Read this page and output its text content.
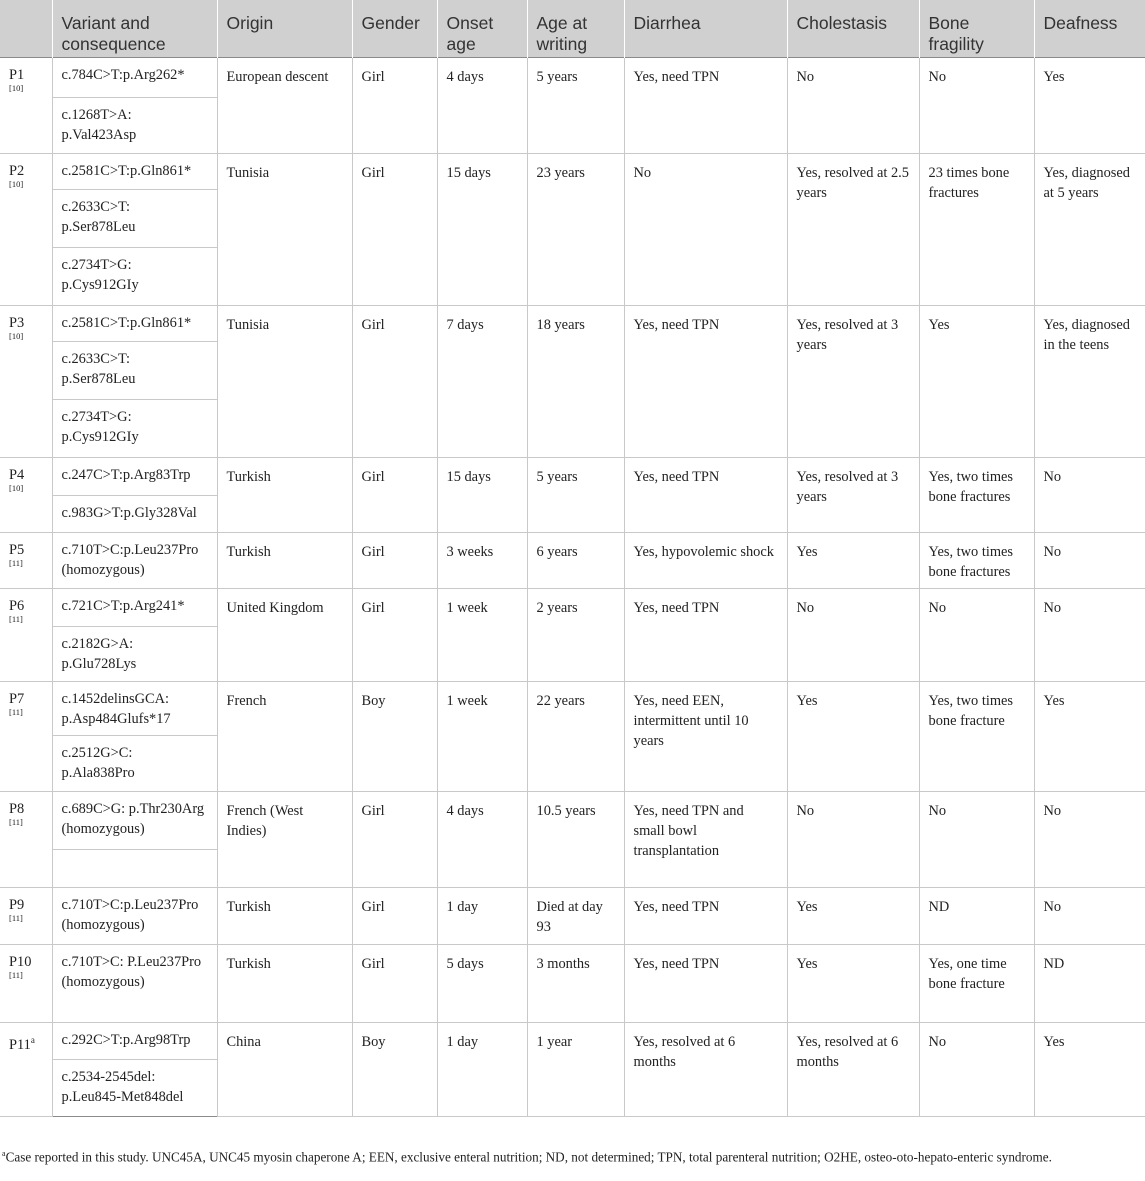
	Variant and consequence	Origin	Gender	Onset age	Age at writing	Diarrhea	Cholestasis	Bone fragility	Deafness

P1
[10]	c.784C>T:p.Arg262*	European descent	Girl	4 days	5 years	Yes, need TPN	No	No	Yes
	c.1268T>A: p.Val423Asp								

P2
[10]	c.2581C>T:p.Gln861*	Tunisia	Girl	15 days	23 years	No	Yes, resolved at 2.5 years	23 times bone fractures	Yes, diagnosed at 5 years
	c.2633C>T: p.Ser878Leu								
	c.2734T>G: p.Cys912GIy								

P3
[10]	c.2581C>T:p.Gln861*	Tunisia	Girl	7 days	18 years	Yes, need TPN	Yes, resolved at 3 years	Yes	Yes, diagnosed in the teens
	c.2633C>T: p.Ser878Leu								
	c.2734T>G: p.Cys912GIy								

P4
[10]	c.247C>T:p.Arg83Trp	Turkish	Girl	15 days	5 years	Yes, need TPN	Yes, resolved at 3 years	Yes, two times bone fractures	No
	c.983G>T:p.Gly328Val								

P5
[11]	c.710T>C:p.Leu237Pro (homozygous)	Turkish	Girl	3 weeks	6 years	Yes, hypovolemic shock	Yes	Yes, two times bone fractures	No

P6
[11]	c.721C>T:p.Arg241*	United Kingdom	Girl	1 week	2 years	Yes, need TPN	No	No	No
	c.2182G>A: p.Glu728Lys								

P7
[11]	c.1452delinsGCA: p.Asp484Glufs*17	French	Boy	1 week	22 years	Yes, need EEN, intermittent until 10 years	Yes	Yes, two times bone fracture	Yes
	c.2512G>C: p.Ala838Pro								

P8
[11]	c.689C>G: p.Thr230Arg (homozygous)	French (West Indies)	Girl	4 days	10.5 years	Yes, need TPN and small bowl transplantation	No	No	No

P9
[11]	c.710T>C:p.Leu237Pro (homozygous)	Turkish	Girl	1 day	Died at day 93	Yes, need TPN	Yes	ND	No

P10
[11]	c.710T>C: P.Leu237Pro (homozygous)	Turkish	Girl	5 days	3 months	Yes, need TPN	Yes	Yes, one time bone fracture	ND

P11$^a$	c.292C>T:p.Arg98Trp	China	Boy	1 day	1 year	Yes, resolved at 6 months	Yes, resolved at 6 months	No	Yes
	c.2534-2545del: p.Leu845-Met848del								
$^a$Case reported in this study. UNC45A, UNC45 myosin chaperone A; EEN, exclusive enteral nutrition; ND, not determined; TPN, total parenteral nutrition; O2HE, osteo-oto-hepato-enteric syndrome.
